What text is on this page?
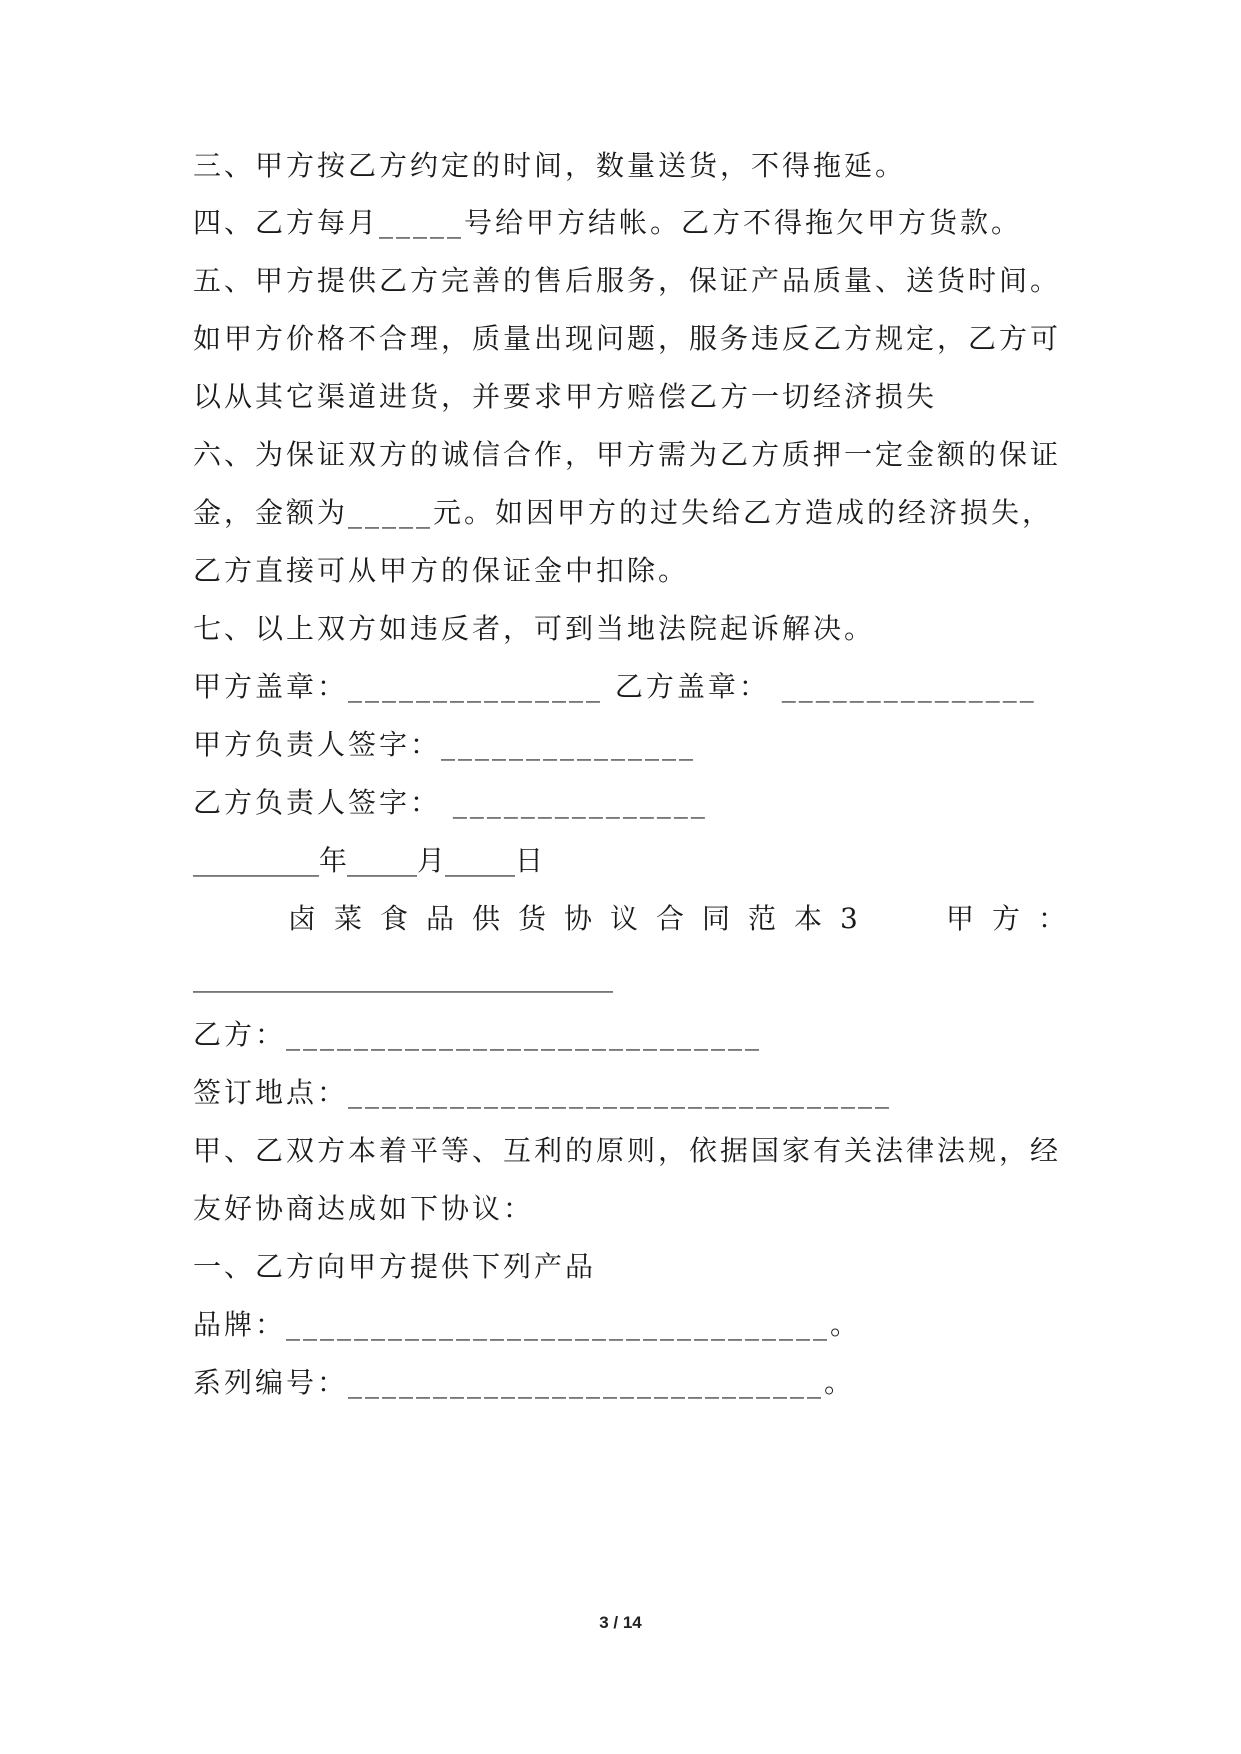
三、甲方按乙方约定的时间，数量送货，不得拖延。

四、乙方每月_____号给甲方结帐。乙方不得拖欠甲方货款。

五、甲方提供乙方完善的售后服务，保证产品质量、送货时间。

如甲方价格不合理，质量出现问题，服务违反乙方规定，乙方可

以从其它渠道进货，并要求甲方赔偿乙方一切经济损失

六、为保证双方的诚信合作，甲方需为乙方质押一定金额的保证

金，金额为_____元。如因甲方的过失给乙方造成的经济损失，

乙方直接可从甲方的保证金中扣除。

七、以上双方如违反者，可到当地法院起诉解决。

甲方盖章：_______________ 乙方盖章： _______________

甲方负责人签字：_______________

乙方负责人签字： _______________

_________年_____月_____日

卤菜食品供货协议合同范本3	甲方：

______________________________

乙方：____________________________

签订地点：________________________________

甲、乙双方本着平等、互利的原则，依据国家有关法律法规，经

友好协商达成如下协议：

一、乙方向甲方提供下列产品

品牌：________________________________。

系列编号：____________________________。

3 / 14
